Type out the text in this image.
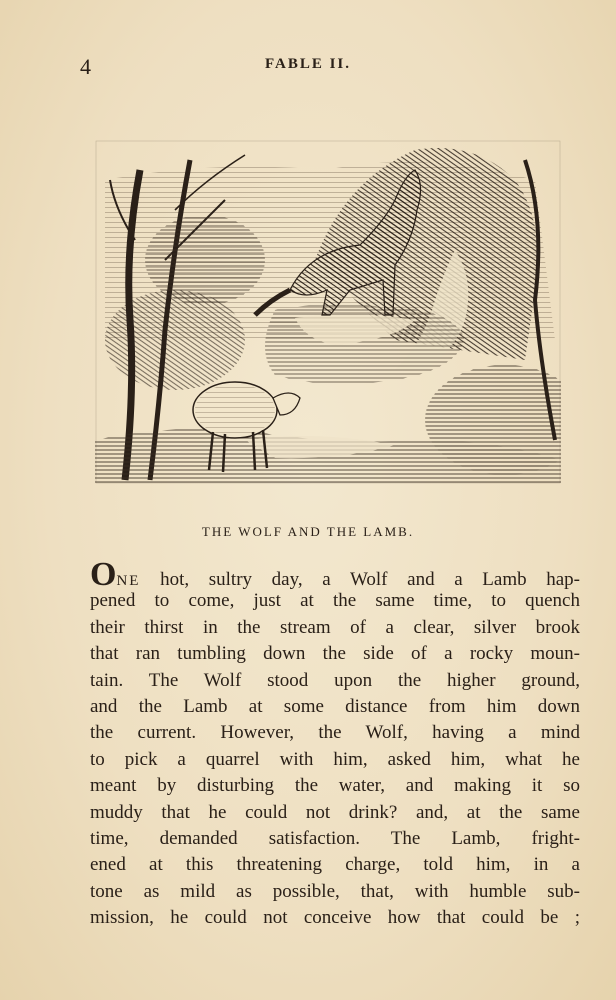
4	FABLE II.
THE WOLF AND THE LAMB.
ONE hot, sultry day, a Wolf and a Lamb hap-
pened to come, just at the same time, to quench
their thirst in the stream of a clear, silver brook
that ran tumbling down the side of a rocky moun-
tain. The Wolf stood upon the higher ground,
and the Lamb at some distance from him down
the current. However, the Wolf, having a mind
to pick a quarrel with him, asked him, what he
meant by disturbing the water, and making it so
muddy that he could not drink? and, at the same
time, demanded satisfaction. The Lamb, fright-
ened at this threatening charge, told him, in a
tone as mild as possible, that, with humble sub-
mission, he could not conceive how that could be ;
